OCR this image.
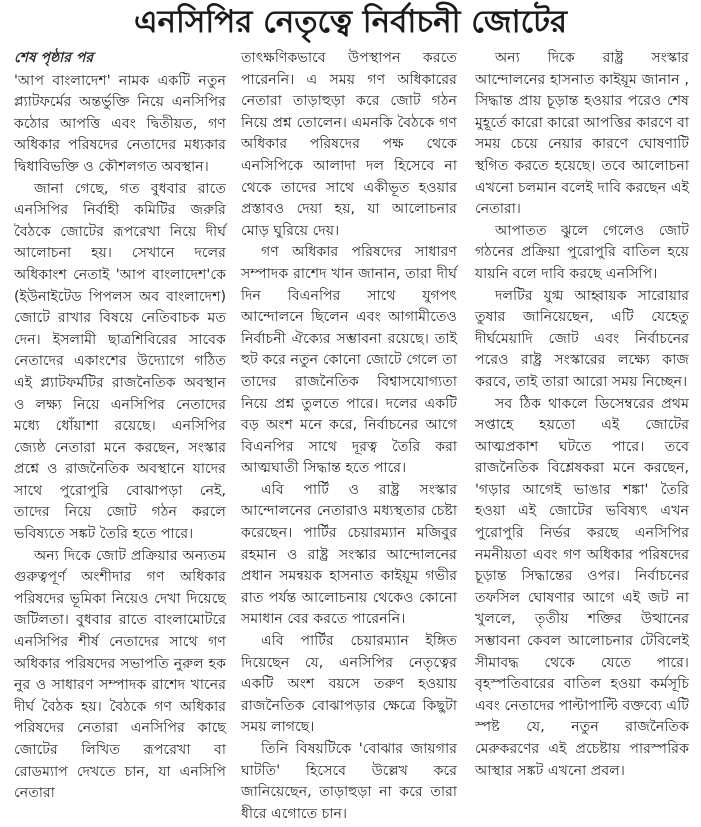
এনসিপির নেতৃত্বে নির্বাচনী জোটের
শেষ পৃষ্ঠার পর

'আপ বাংলাদেশ' নামক একটি নতুন প্ল্যাটফর্মের অন্তর্ভুক্তি নিয়ে এনসিপির কঠোর আপত্তি এবং দ্বিতীয়ত, গণ অধিকার পরিষদের নেতাদের মধ্যকার দ্বিধাবিভক্তি ও কৌশলগত অবস্থান।

জানা গেছে, গত বুধবার রাতে এনসিপির নির্বাহী কমিটির জরুরি বৈঠকে জোটের রূপরেখা নিয়ে দীর্ঘ আলোচনা হয়। সেখানে দলের অধিকাংশ নেতাই 'আপ বাংলাদেশ'কে (ইউনাইটেড পিপলস অব বাংলাদেশ) জোটে রাখার বিষয়ে নেতিবাচক মত দেন। ইসলামী ছাত্রশিবিরের সাবেক নেতাদের একাংশের উদ্যোগে গঠিত এই প্ল্যাটফর্মটির রাজনৈতিক অবস্থান ও লক্ষ্য নিয়ে এনসিপির নেতাদের মধ্যে ধোঁয়াশা রয়েছে। এনসিপির জ্যেষ্ঠ নেতারা মনে করছেন, সংস্কার প্রশ্নে ও রাজনৈতিক অবস্থানে যাদের সাথে পুরোপুরি বোঝাপড়া নেই, তাদের নিয়ে জোট গঠন করলে ভবিষ্যতে সঙ্কট তৈরি হতে পারে।

অন্য দিকে জোট প্রক্রিয়ার অন্যতম গুরুত্বপূর্ণ অংশীদার গণ অধিকার পরিষদের ভূমিকা নিয়েও দেখা দিয়েছে জটিলতা। বুধবার রাতে বাংলামোটরে এনসিপির শীর্ষ নেতাদের সাথে গণ অধিকার পরিষদের সভাপতি নুরুল হক নুর ও সাধারণ সম্পাদক রাশেদ খানের দীর্ঘ বৈঠক হয়। বৈঠকে গণ অধিকার পরিষদের নেতারা এনসিপির কাছে জোটের লিখিত রূপরেখা বা রোডম্যাপ দেখতে চান, যা এনসিপি নেতারা

তাৎক্ষণিকভাবে উপস্থাপন করতে পারেননি। এ সময় গণ অধিকারের নেতারা তাড়াহুড়া করে জোট গঠন নিয়ে প্রশ্ন তোলেন। এমনকি বৈঠকে গণ অধিকার পরিষদের পক্ষ থেকে এনসিপিকে আলাদা দল হিসেবে না থেকে তাদের সাথে একীভূত হওয়ার প্রস্তাবও দেয়া হয়, যা আলোচনার মোড় ঘুরিয়ে দেয়।

গণ অধিকার পরিষদের সাধারণ সম্পাদক রাশেদ খান জানান, তারা দীর্ঘ দিন বিএনপির সাথে যুগপৎ আন্দোলনে ছিলেন এবং আগামীতেও নির্বাচনী ঐক্যের সম্ভাবনা রয়েছে। তাই হুট করে নতুন কোনো জোটে গেলে তা তাদের রাজনৈতিক বিশ্বাসযোগ্যতা নিয়ে প্রশ্ন তুলতে পারে। দলের একটি বড় অংশ মনে করে, নির্বাচনের আগে বিএনপির সাথে দূরত্ব তৈরি করা আত্মঘাতী সিদ্ধান্ত হতে পারে।

এবি পার্টি ও রাষ্ট্র সংস্কার আন্দোলনের নেতারাও মধ্যস্থতার চেষ্টা করেছেন। পার্টির চেয়ারম্যান মজিবুর রহমান ও রাষ্ট্র সংস্কার আন্দোলনের প্রধান সমন্বয়ক হাসনাত কাইয়ূম গভীর রাত পর্যন্ত আলোচনায় থেকেও কোনো সমাধান বের করতে পারেননি।

এবি পার্টির চেয়ারম্যান ইঙ্গিত দিয়েছেন যে, এনসিপির নেতৃত্বের একটি অংশ বয়সে তরুণ হওয়ায় রাজনৈতিক বোঝাপড়ার ক্ষেত্রে কিছুটা সময় লাগছে।

তিনি বিষয়টিকে 'বোঝার জায়গার ঘাটতি' হিসেবে উল্লেখ করে জানিয়েছেন, তাড়াহুড়া না করে তারা ধীরে এগোতে চান।

অন্য দিকে রাষ্ট্র সংস্কার আন্দোলনের হাসনাত কাইয়ূম জানান , সিদ্ধান্ত প্রায় চূড়ান্ত হওয়ার পরেও শেষ মুহূর্তে কারো কারো আপত্তির কারণে বা সময় চেয়ে নেয়ার কারণে ঘোষণাটি স্থগিত করতে হয়েছে। তবে আলোচনা এখনো চলমান বলেই দাবি করছেন এই নেতারা।

আপাতত ঝুলে গেলেও জোট গঠনের প্রক্রিয়া পুরোপুরি বাতিল হয়ে যায়নি বলে দাবি করছে এনসিপি।

দলটির যুগ্ম আহ্বায়ক সারোয়ার তুষার জানিয়েছেন, এটি যেহেতু দীর্ঘমেয়াদি জোট এবং নির্বাচনের পরেও রাষ্ট্র সংস্কারের লক্ষ্যে কাজ করবে, তাই তারা আরো সময় নিচ্ছেন।

সব ঠিক থাকলে ডিসেম্বরের প্রথম সপ্তাহে হয়তো এই জোটের আত্মপ্রকাশ ঘটতে পারে। তবে রাজনৈতিক বিশ্লেষকরা মনে করছেন, 'গড়ার আগেই ভাঙার শঙ্কা' তৈরি হওয়া এই জোটের ভবিষ্যৎ এখন পুরোপুরি নির্ভর করছে এনসিপির নমনীয়তা এবং গণ অধিকার পরিষদের চূড়ান্ত সিদ্ধান্তের ওপর। নির্বাচনের তফসিল ঘোষণার আগে এই জট না খুললে, তৃতীয় শক্তির উত্থানের সম্ভাবনা কেবল আলোচনার টেবিলেই সীমাবদ্ধ থেকে যেতে পারে। বৃহস্পতিবারের বাতিল হওয়া কর্মসূচি এবং নেতাদের পাল্টাপাল্টি বক্তব্যে এটি স্পষ্ট যে, নতুন রাজনৈতিক মেরুকরণের এই প্রচেষ্টায় পারস্পরিক আস্থার সঙ্কট এখনো প্রবল।
